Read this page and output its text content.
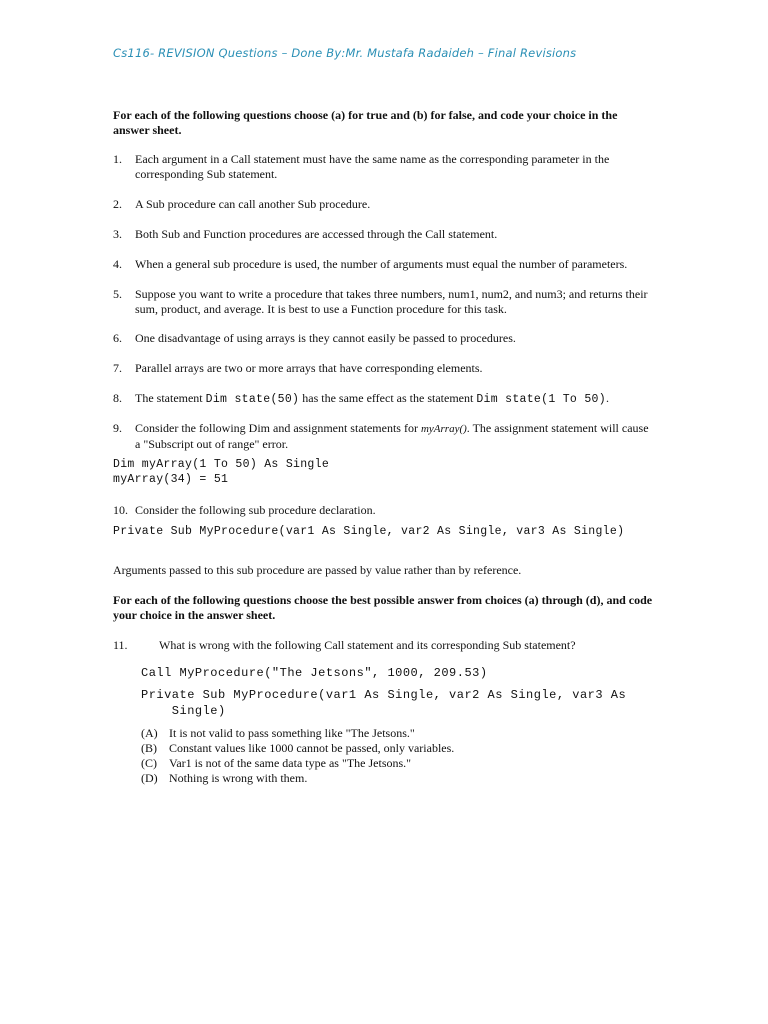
Cs116- REVISION Questions – Done By:Mr. Mustafa Radaideh – Final Revisions
For each of the following questions choose (a) for true and (b) for false, and code your choice in the answer sheet.
1.	Each argument in a Call statement must have the same name as the corresponding parameter in the corresponding Sub statement.
2.	A Sub procedure can call another Sub procedure.
3.	Both Sub and Function procedures are accessed through the Call statement.
4.	When a general sub procedure is used, the number of arguments must equal the number of parameters.
5.	Suppose you want to write a procedure that takes three numbers, num1, num2, and num3; and returns their sum, product, and average. It is best to use a Function procedure for this task.
6.	One disadvantage of using arrays is they cannot easily be passed to procedures.
7.	Parallel arrays are two or more arrays that have corresponding elements.
8.	The statement Dim state(50) has the same effect as the statement Dim state(1 To 50).
9.	Consider the following Dim and assignment statements for myArray(). The assignment statement will cause a "Subscript out of range" error.
Dim myArray(1 To 50) As Single
myArray(34) = 51
10. Consider the following sub procedure declaration.
Private Sub MyProcedure(var1 As Single, var2 As Single, var3 As Single)
Arguments passed to this sub procedure are passed by value rather than by reference.
For each of the following questions choose the best possible answer from choices (a) through (d), and code your choice in the answer sheet.
11.	What is wrong with the following Call statement and its corresponding Sub statement?
Call MyProcedure("The Jetsons", 1000, 209.53)
Private Sub MyProcedure(var1 As Single, var2 As Single, var3 As
Single)
(A) It is not valid to pass something like "The Jetsons."
(B) Constant values like 1000 cannot be passed, only variables.
(C) Var1 is not of the same data type as "The Jetsons."
(D) Nothing is wrong with them.
